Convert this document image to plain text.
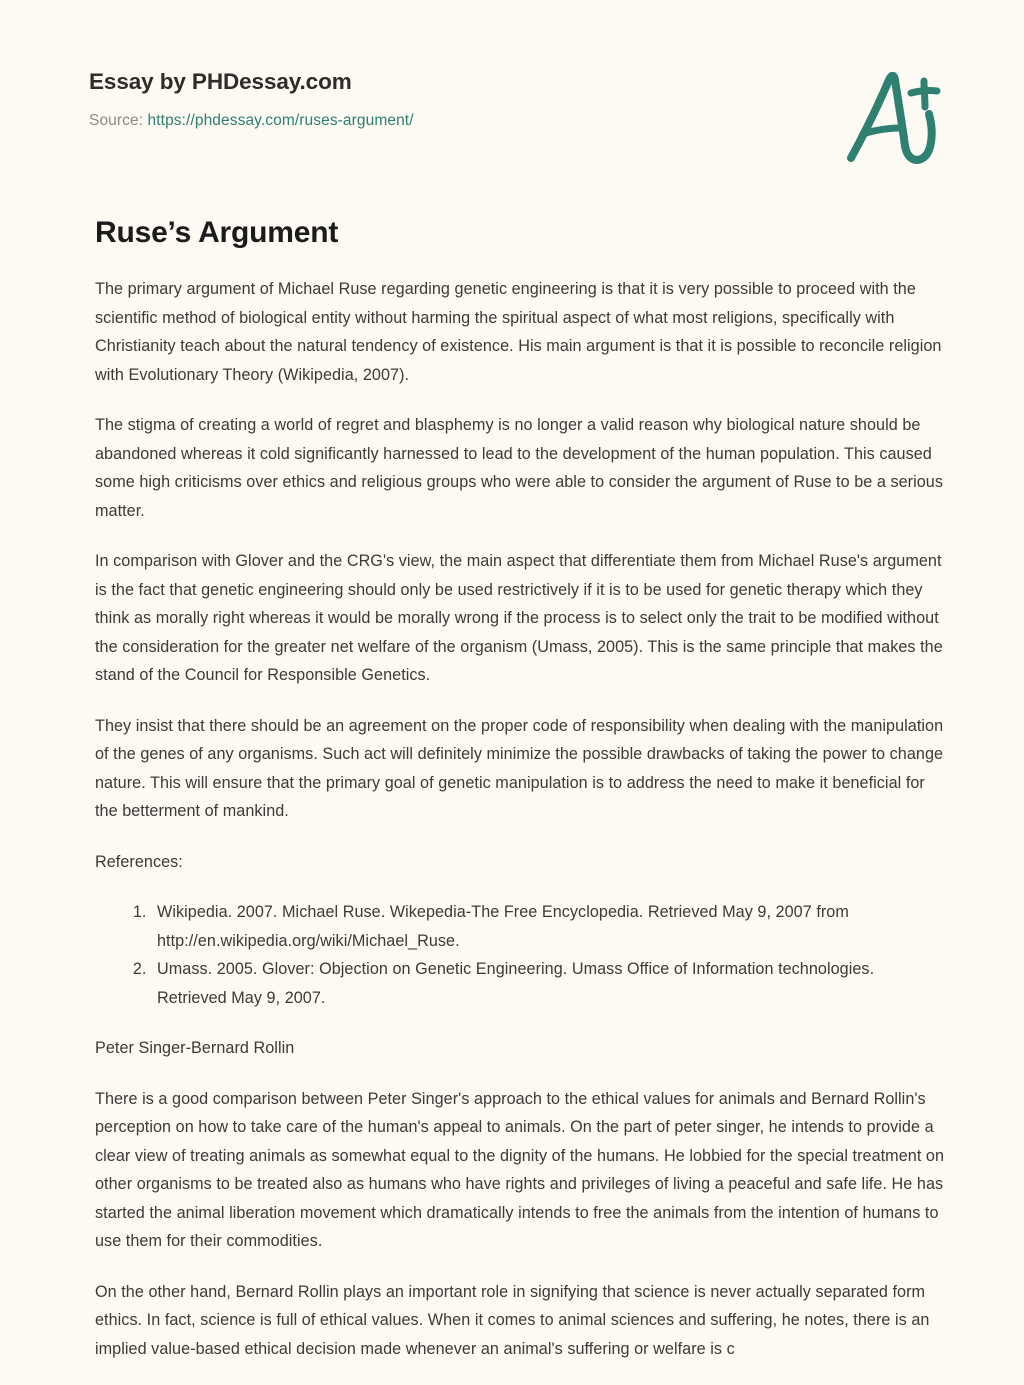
Essay by PHDessay.com
Source: https://phdessay.com/ruses-argument/
Ruse’s Argument

The primary argument of Michael Ruse regarding genetic engineering is that it is very possible to proceed with the scientific method of biological entity without harming the spiritual aspect of what most religions, specifically with Christianity teach about the natural tendency of existence. His main argument is that it is possible to reconcile religion with Evolutionary Theory (Wikipedia, 2007).

The stigma of creating a world of regret and blasphemy is no longer a valid reason why biological nature should be abandoned whereas it cold significantly harnessed to lead to the development of the human population. This caused some high criticisms over ethics and religious groups who were able to consider the argument of Ruse to be a serious matter.

In comparison with Glover and the CRG's view, the main aspect that differentiate them from Michael Ruse's argument is the fact that genetic engineering should only be used restrictively if it is to be used for genetic therapy which they think as morally right whereas it would be morally wrong if the process is to select only the trait to be modified without the consideration for the greater net welfare of the organism (Umass, 2005). This is the same principle that makes the stand of the Council for Responsible Genetics.

They insist that there should be an agreement on the proper code of responsibility when dealing with the manipulation of the genes of any organisms. Such act will definitely minimize the possible drawbacks of taking the power to change nature. This will ensure that the primary goal of genetic manipulation is to address the need to make it beneficial for the betterment of mankind.

References:

1. Wikipedia. 2007. Michael Ruse. Wikepedia-The Free Encyclopedia. Retrieved May 9, 2007 from http://en.wikipedia.org/wiki/Michael_Ruse.
2. Umass. 2005. Glover: Objection on Genetic Engineering. Umass Office of Information technologies. Retrieved May 9, 2007.

Peter Singer-Bernard Rollin

There is a good comparison between Peter Singer's approach to the ethical values for animals and Bernard Rollin's perception on how to take care of the human's appeal to animals. On the part of peter singer, he intends to provide a clear view of treating animals as somewhat equal to the dignity of the humans. He lobbied for the special treatment on other organisms to be treated also as humans who have rights and privileges of living a peaceful and safe life. He has started the animal liberation movement which dramatically intends to free the animals from the intention of humans to use them for their commodities.

On the other hand, Bernard Rollin plays an important role in signifying that science is never actually separated form ethics. In fact, science is full of ethical values. When it comes to animal sciences and suffering, he notes, there is an implied value-based ethical decision made whenever an animal's suffering or welfare is c
